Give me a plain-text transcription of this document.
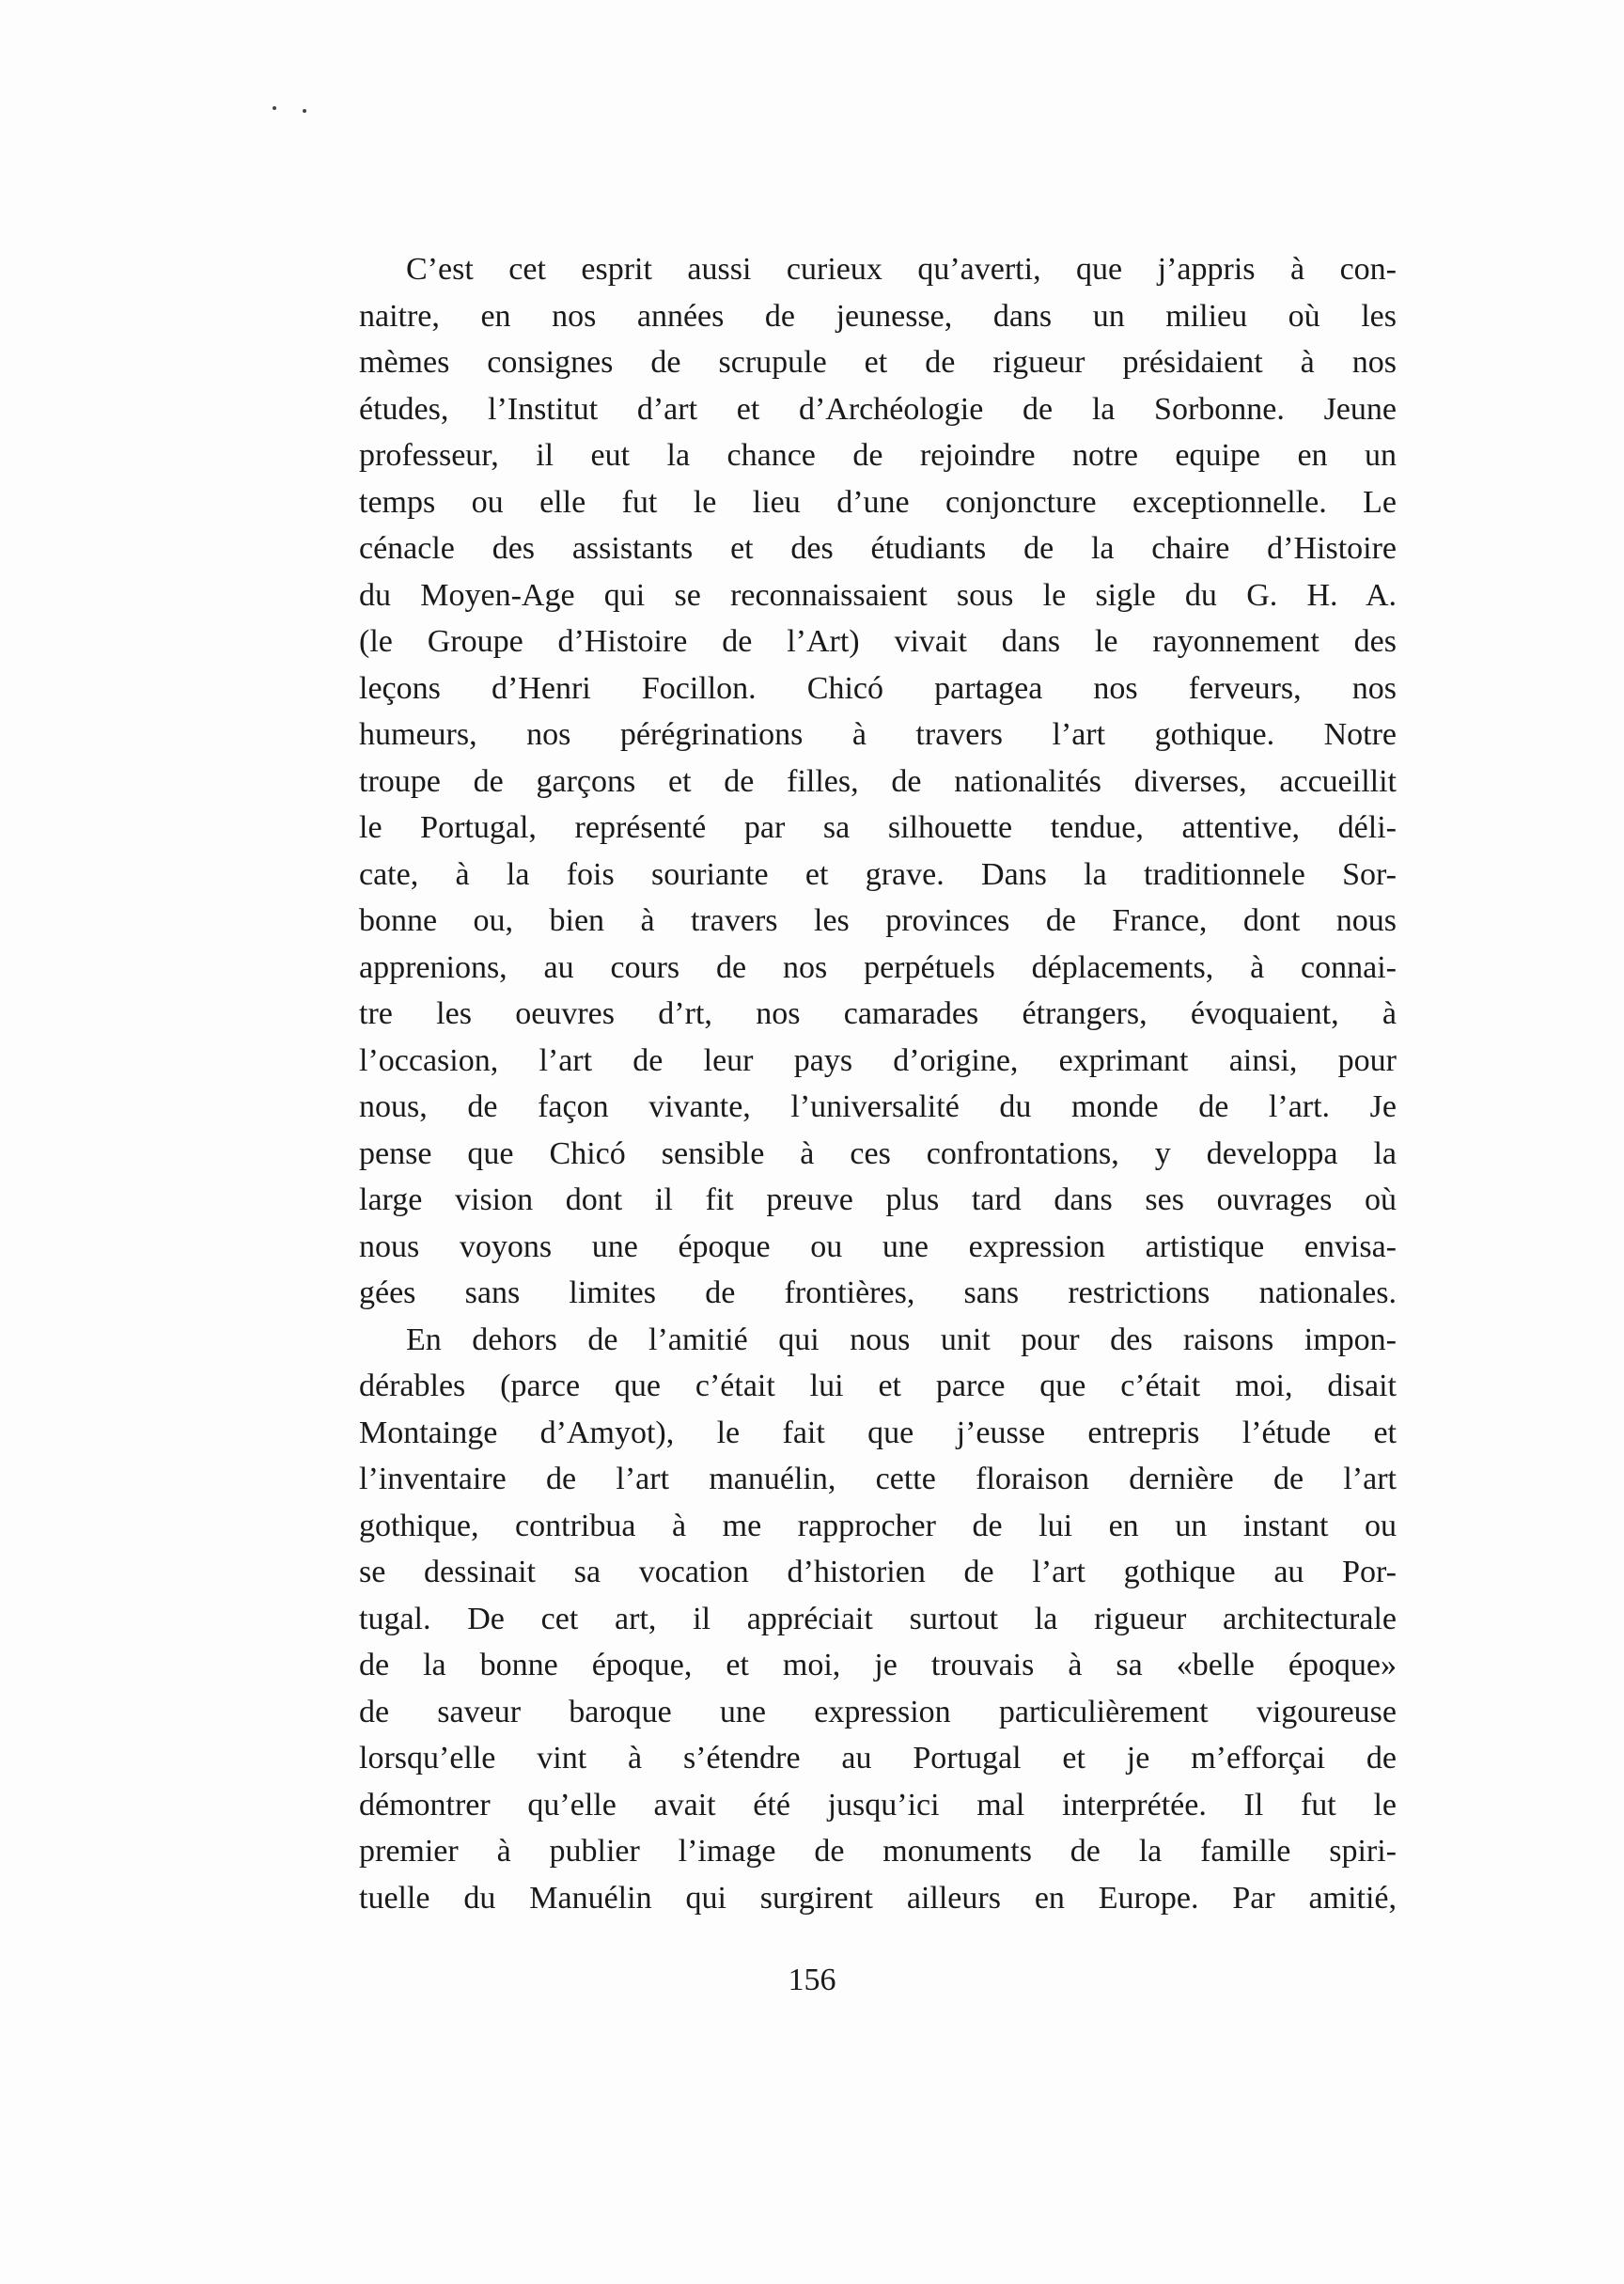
C’est cet esprit aussi curieux qu’averti, que j’appris à con-
naitre, en nos années de jeunesse, dans un milieu où les
mèmes consignes de scrupule et de rigueur présidaient à nos
études, l’Institut d’art et d’Archéologie de la Sorbonne. Jeune
professeur, il eut la chance de rejoindre notre equipe en un
temps ou elle fut le lieu d’une conjoncture exceptionnelle. Le
cénacle des assistants et des étudiants de la chaire d’Histoire
du Moyen-Age qui se reconnaissaient sous le sigle du G. H. A.
(le Groupe d’Histoire de l’Art) vivait dans le rayonnement des
leçons d’Henri Focillon. Chicó partagea nos ferveurs, nos
humeurs, nos pérégrinations à travers l’art gothique. Notre
troupe de garçons et de filles, de nationalités diverses, accueillit
le Portugal, représenté par sa silhouette tendue, attentive, déli-
cate, à la fois souriante et grave. Dans la traditionnele Sor-
bonne ou, bien à travers les provinces de France, dont nous
apprenions, au cours de nos perpétuels déplacements, à connai-
tre les oeuvres d’rt, nos camarades étrangers, évoquaient, à
l’occasion, l’art de leur pays d’origine, exprimant ainsi, pour
nous, de façon vivante, l’universalité du monde de l’art. Je
pense que Chicó sensible à ces confrontations, y developpa la
large vision dont il fit preuve plus tard dans ses ouvrages où
nous voyons une époque ou une expression artistique envisa-
gées sans limites de frontières, sans restrictions nationales.
En dehors de l’amitié qui nous unit pour des raisons impon-
dérables (parce que c’était lui et parce que c’était moi, disait
Montainge d’Amyot), le fait que j’eusse entrepris l’étude et
l’inventaire de l’art manuélin, cette floraison dernière de l’art
gothique, contribua à me rapprocher de lui en un instant ou
se dessinait sa vocation d’historien de l’art gothique au Por-
tugal. De cet art, il appréciait surtout la rigueur architecturale
de la bonne époque, et moi, je trouvais à sa «belle époque»
de saveur baroque une expression particulièrement vigoureuse
lorsqu’elle vint à s’étendre au Portugal et je m’efforçai de
démontrer qu’elle avait été jusqu’ici mal interprétée. Il fut le
premier à publier l’image de monuments de la famille spiri-
tuelle du Manuélin qui surgirent ailleurs en Europe. Par amitié,
156
